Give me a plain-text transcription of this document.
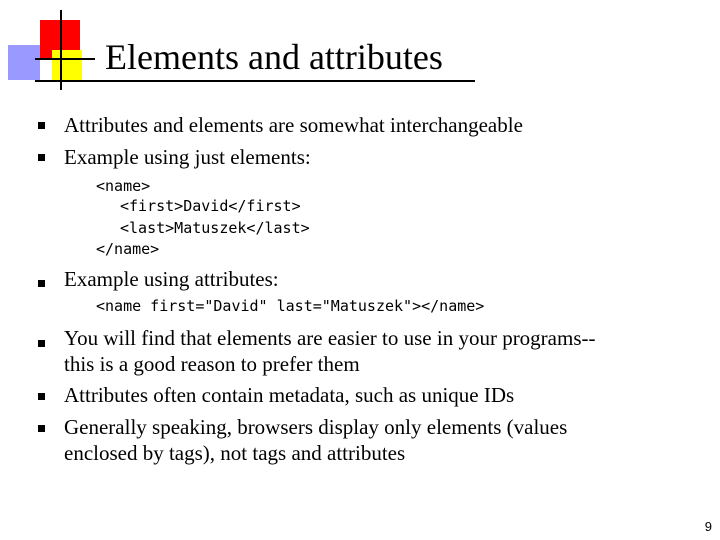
Elements and attributes
Attributes and elements are somewhat interchangeable
Example using just elements:
<name>
<first>David</first>
<last>Matuszek</last>
</name>
Example using attributes:
<name first="David" last="Matuszek"></name>
You will find that elements are easier to use in your programs--
this is a good reason to prefer them
Attributes often contain metadata, such as unique IDs
Generally speaking, browsers display only elements (values
enclosed by tags), not tags and attributes
9
